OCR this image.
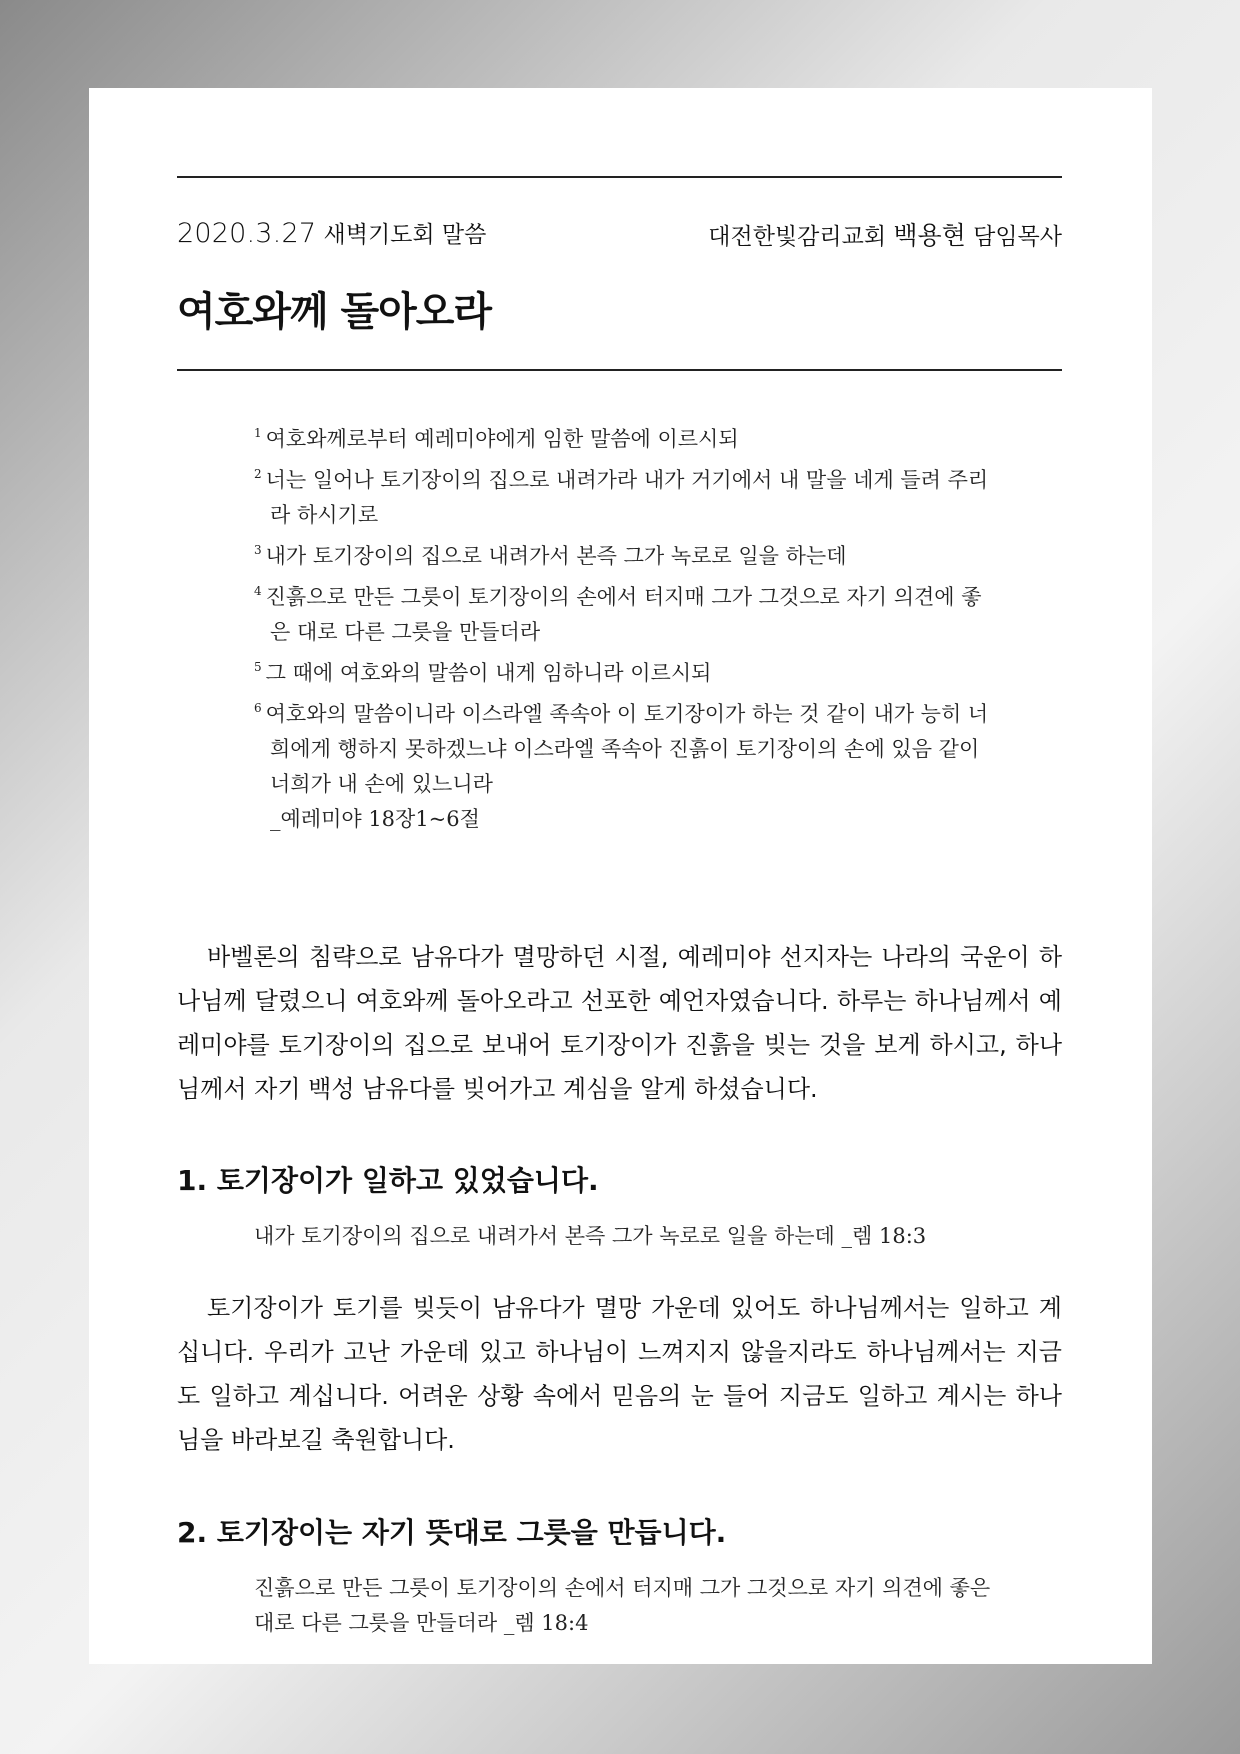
2020.3.27 새벽기도회 말씀	대전한빛감리교회 백용현 담임목사
여호와께 돌아오라
$^1$ 여호와께로부터 예레미야에게 임한 말씀에 이르시되
$^2$ 너는 일어나 토기장이의 집으로 내려가라 내가 거기에서 내 말을 네게 들려 주리라 하시기로
$^3$ 내가 토기장이의 집으로 내려가서 본즉 그가 녹로로 일을 하는데
$^4$ 진흙으로 만든 그릇이 토기장이의 손에서 터지매 그가 그것으로 자기 의견에 좋은 대로 다른 그릇을 만들더라
$^5$ 그 때에 여호와의 말씀이 내게 임하니라 이르시되
$^6$ 여호와의 말씀이니라 이스라엘 족속아 이 토기장이가 하는 것 같이 내가 능히 너희에게 행하지 못하겠느냐 이스라엘 족속아 진흙이 토기장이의 손에 있음 같이 너희가 내 손에 있느니라
_예레미야 18장1~6절

바벨론의 침략으로 남유다가 멸망하던 시절, 예레미야 선지자는 나라의 국운이 하나님께 달렸으니 여호와께 돌아오라고 선포한 예언자였습니다. 하루는 하나님께서 예레미야를 토기장이의 집으로 보내어 토기장이가 진흙을 빚는 것을 보게 하시고, 하나님께서 자기 백성 남유다를 빚어가고 계심을 알게 하셨습니다.

1. 토기장이가 일하고 있었습니다.

내가 토기장이의 집으로 내려가서 본즉 그가 녹로로 일을 하는데 _렘 18:3

토기장이가 토기를 빚듯이 남유다가 멸망 가운데 있어도 하나님께서는 일하고 계십니다. 우리가 고난 가운데 있고 하나님이 느껴지지 않을지라도 하나님께서는 지금도 일하고 계십니다. 어려운 상황 속에서 믿음의 눈 들어 지금도 일하고 계시는 하나님을 바라보길 축원합니다.

2. 토기장이는 자기 뜻대로 그릇을 만듭니다.

진흙으로 만든 그릇이 토기장이의 손에서 터지매 그가 그것으로 자기 의견에 좋은 대로 다른 그릇을 만들더라 _렘 18:4
